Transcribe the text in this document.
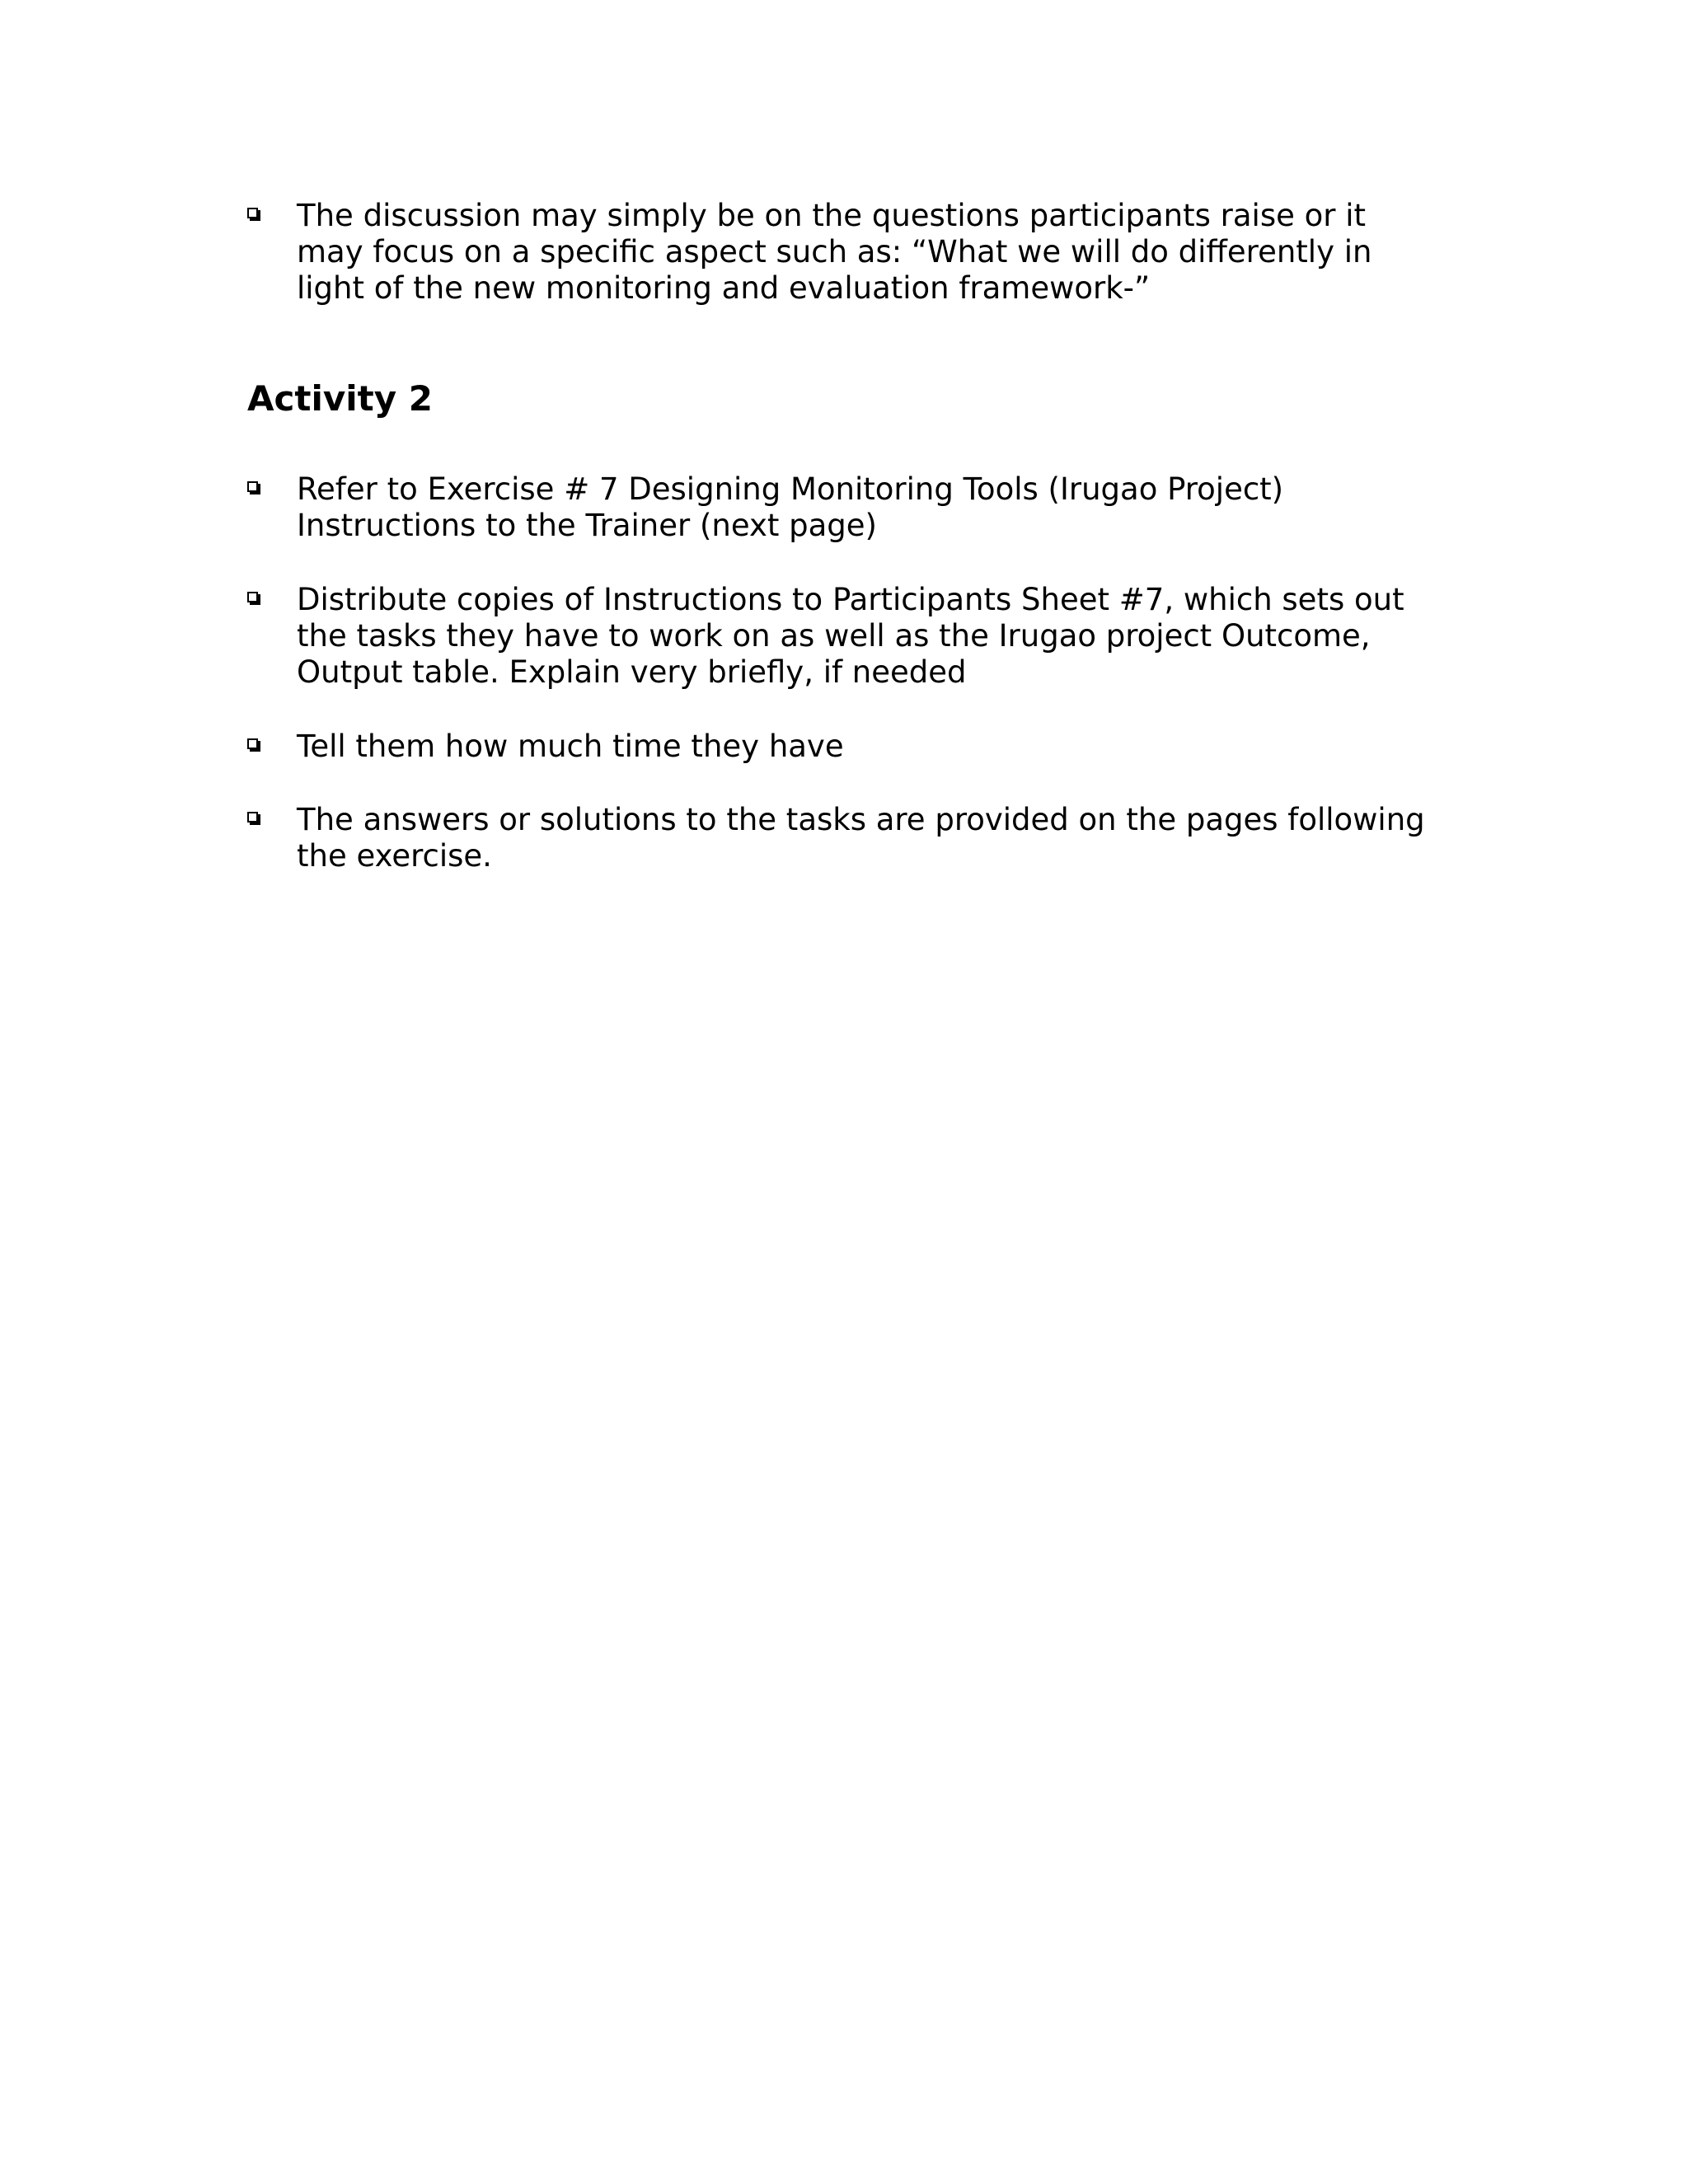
The discussion may simply be on the questions participants raise or it
may focus on a specific aspect such as: “What we will do differently in
light of the new monitoring and evaluation framework-”
Activity 2
Refer to Exercise # 7 Designing Monitoring Tools (Irugao Project)
Instructions to the Trainer (next page)
Distribute copies of Instructions to Participants Sheet #7, which sets out
the tasks they have to work on as well as the Irugao project Outcome,
Output table. Explain very briefly, if needed
Tell them how much time they have
The answers or solutions to the tasks are provided on the pages following
the exercise.
